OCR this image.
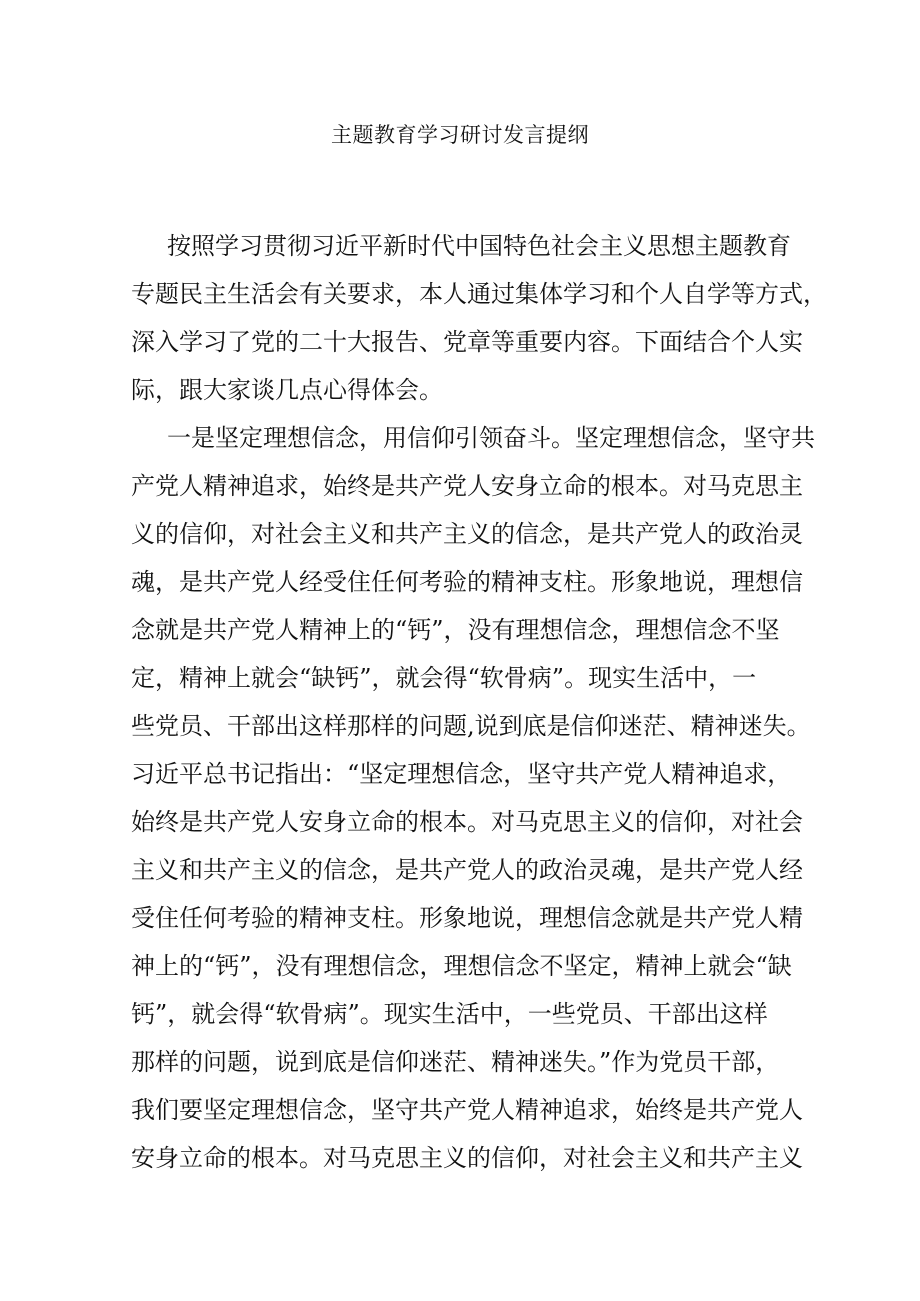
主题教育学习研讨发言提纲

按照学习贯彻习近平新时代中国特色社会主义思想主题教育

专题民主生活会有关要求，本人通过集体学习和个人自学等方式，

深入学习了党的二十大报告、党章等重要内容。下面结合个人实

际，跟大家谈几点心得体会。

一是坚定理想信念，用信仰引领奋斗。坚定理想信念，坚守共

产党人精神追求，始终是共产党人安身立命的根本。对马克思主

义的信仰，对社会主义和共产主义的信念，是共产党人的政治灵

魂，是共产党人经受住任何考验的精神支柱。形象地说，理想信

念就是共产党人精神上的“钙”，没有理想信念，理想信念不坚

定，精神上就会“缺钙”，就会得“软骨病”。现实生活中，一

些党员、干部出这样那样的问题,说到底是信仰迷茫、精神迷失。

习近平总书记指出：“坚定理想信念，坚守共产党人精神追求，

始终是共产党人安身立命的根本。对马克思主义的信仰，对社会

主义和共产主义的信念，是共产党人的政治灵魂，是共产党人经

受住任何考验的精神支柱。形象地说，理想信念就是共产党人精

神上的“钙”，没有理想信念，理想信念不坚定，精神上就会“缺

钙”，就会得“软骨病”。现实生活中，一些党员、干部出这样

那样的问题，说到底是信仰迷茫、精神迷失。”作为党员干部，

我们要坚定理想信念，坚守共产党人精神追求，始终是共产党人

安身立命的根本。对马克思主义的信仰，对社会主义和共产主义
